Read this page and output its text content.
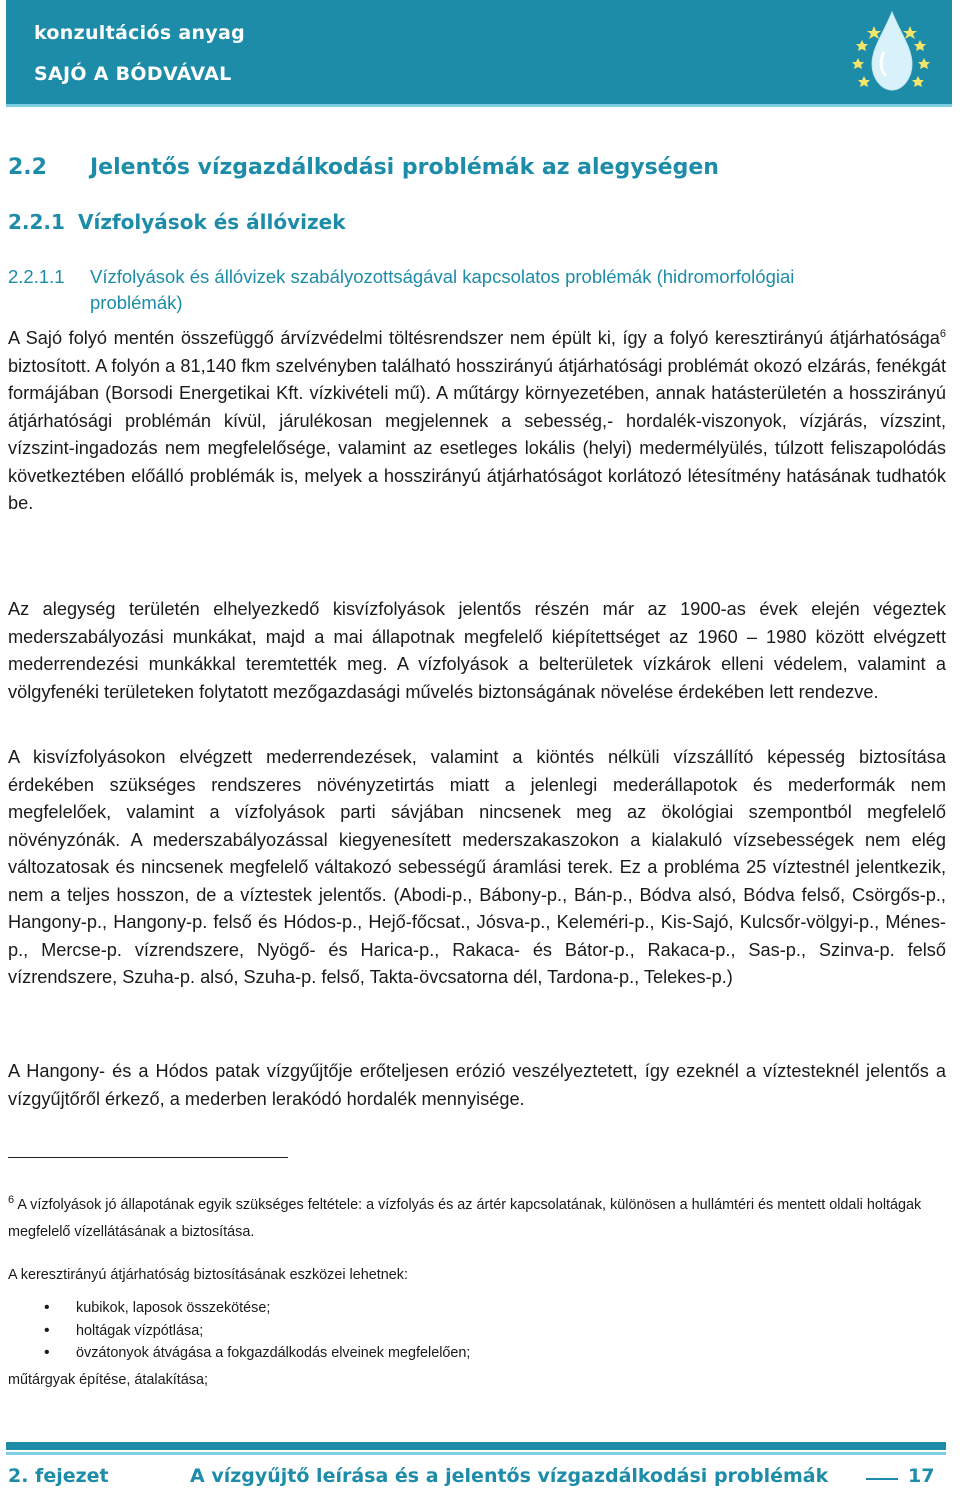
konzultációs anyag
SAJÓ A BÓDVÁVAL
2.2 Jelentős vízgazdálkodási problémák az alegységen
2.2.1 Vízfolyások és állóvizek
2.2.1.1 Vízfolyások és állóvizek szabályozottságával kapcsolatos problémák (hidromorfológiai
problémák)

A Sajó folyó mentén összefüggő árvízvédelmi töltésrendszer nem épült ki, így a folyó keresztirányú átjárhatósága$^6$ biztosított. A folyón a 81,140 fkm szelvényben található hosszirányú átjárhatósági problémát okozó elzárás, fenékgát formájában (Borsodi Energetikai Kft. vízkivételi mű). A műtárgy környezetében, annak hatásterületén a hosszirányú átjárhatósági problémán kívül, járulékosan megjelennek a sebesség,- hordalék-viszonyok, vízjárás, vízszint, vízszint-ingadozás nem megfelelősége, valamint az esetleges lokális (helyi) medermélyülés, túlzott feliszapolódás következtében előálló problémák is, melyek a hosszirányú átjárhatóságot korlátozó létesítmény hatásának tudhatók be.

Az alegység területén elhelyezkedő kisvízfolyások jelentős részén már az 1900-as évek elején végeztek mederszabályozási munkákat, majd a mai állapotnak megfelelő kiépítettséget az 1960 – 1980 között elvégzett mederrendezési munkákkal teremtették meg. A vízfolyások a belterületek vízkárok elleni védelem, valamint a völgyfenéki területeken folytatott mezőgazdasági művelés biztonságának növelése érdekében lett rendezve.

A kisvízfolyásokon elvégzett mederrendezések, valamint a kiöntés nélküli vízszállító képesség biztosítása érdekében szükséges rendszeres növényzetirtás miatt a jelenlegi mederállapotok és mederformák nem megfelelőek, valamint a vízfolyások parti sávjában nincsenek meg az ökológiai szempontból megfelelő növényzónák. A mederszabályozással kiegyenesített mederszakaszokon a kialakuló vízsebességek nem elég változatosak és nincsenek megfelelő váltakozó sebességű áramlási terek. Ez a probléma 25 víztestnél jelentkezik, nem a teljes hosszon, de a víztestek jelentős. (Abodi-p., Bábony-p., Bán-p., Bódva alsó, Bódva felső, Csörgős-p., Hangony-p., Hangony-p. felső és Hódos-p., Hejő-főcsat., Jósva-p., Keleméri-p., Kis-Sajó, Kulcsőr-völgyi-p., Ménes-p., Mercse-p. vízrendszere, Nyögő- és Harica-p., Rakaca- és Bátor-p., Rakaca-p., Sas-p., Szinva-p. felső vízrendszere, Szuha-p. alsó, Szuha-p. felső, Takta-övcsatorna dél, Tardona-p., Telekes-p.)

A Hangony- és a Hódos patak vízgyűjtője erőteljesen erózió veszélyeztetett, így ezeknél a víztesteknél jelentős a vízgyűjtőről érkező, a mederben lerakódó hordalék mennyisége.

$^6$ A vízfolyások jó állapotának egyik szükséges feltétele: a vízfolyás és az ártér kapcsolatának, különösen a hullámtéri és mentett oldali holtágak megfelelő vízellátásának a biztosítása.

A keresztirányú átjárhatóság biztosításának eszközei lehetnek:
• kubikok, laposok összekötése;
• holtágak vízpótlása;
• övzátonyok átvágása a fokgazdálkodás elveinek megfelelően;
műtárgyak építése, átalakítása;
2. fejezet	A vízgyűjtő leírása és a jelentős vízgazdálkodási problémák	17
